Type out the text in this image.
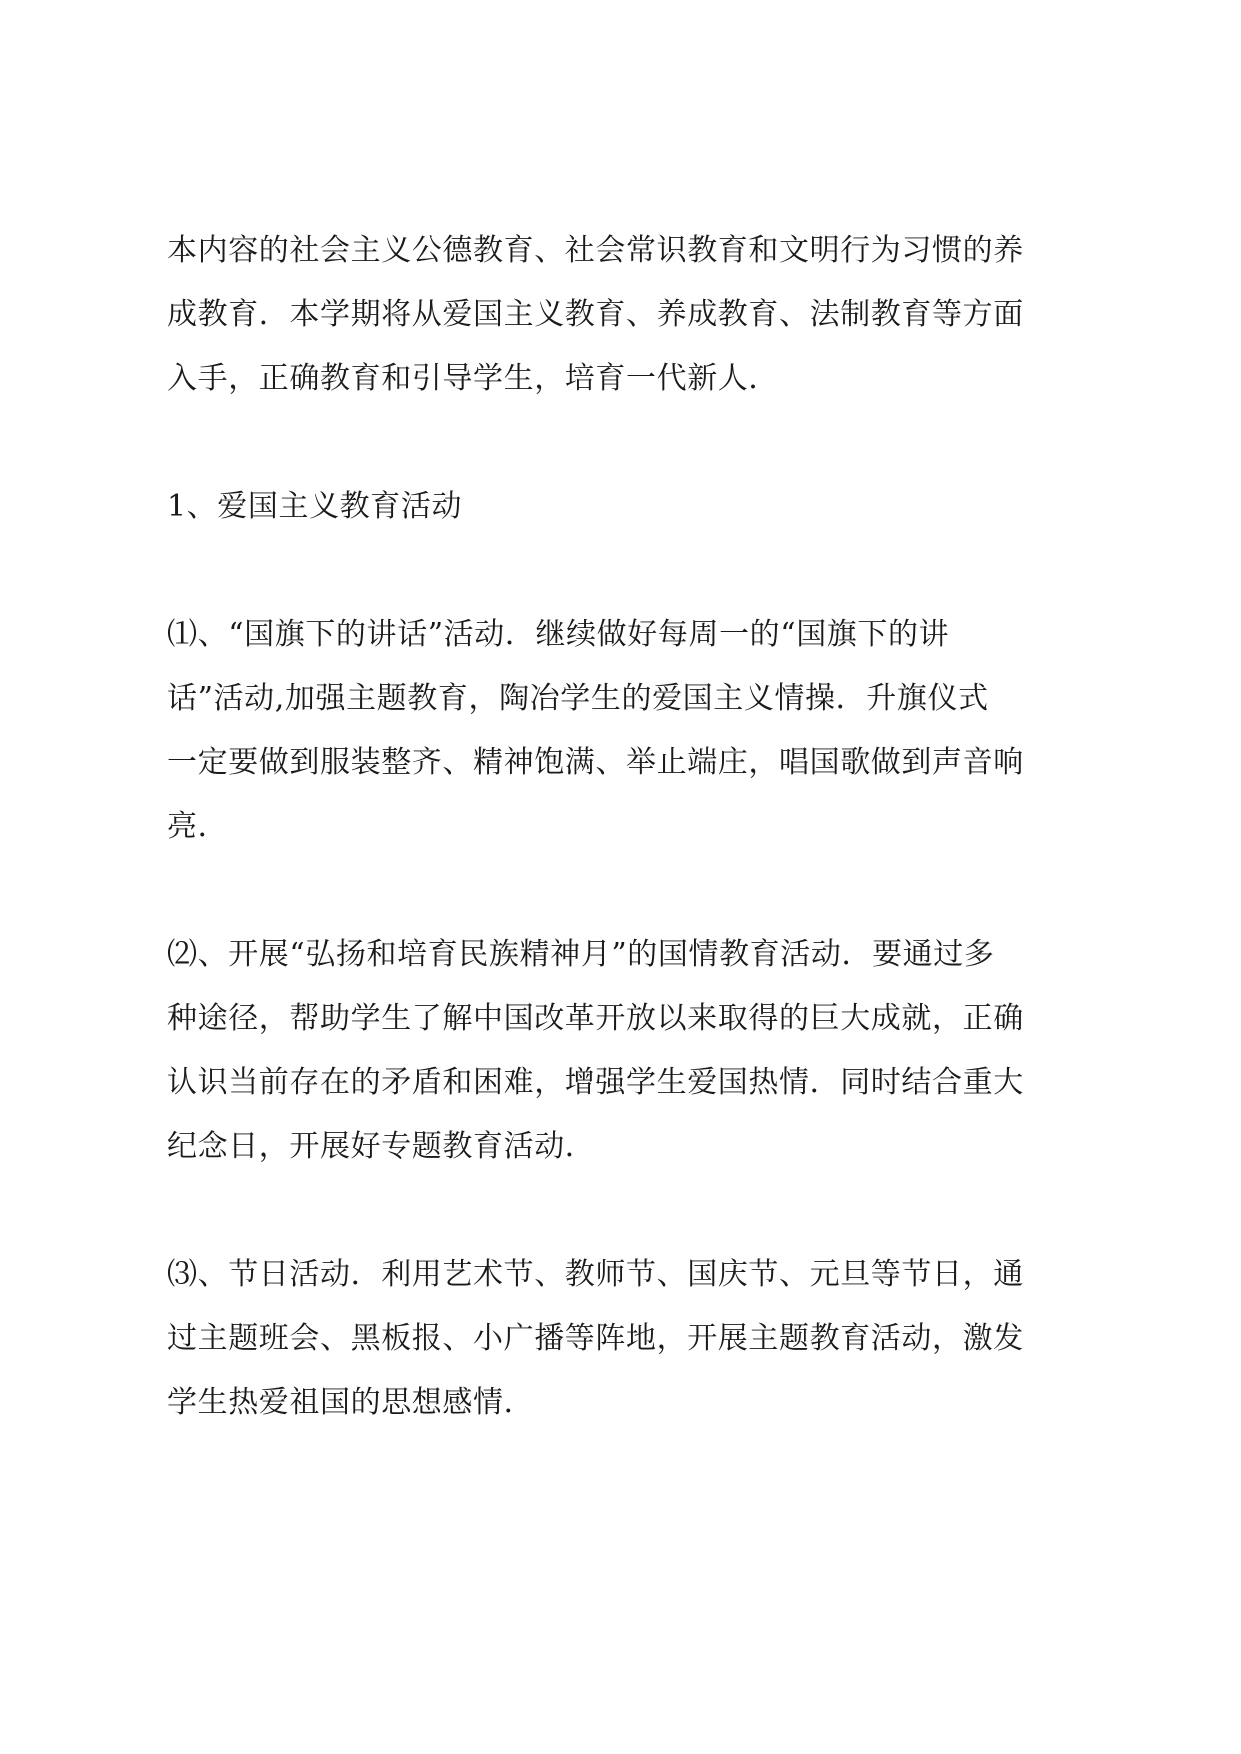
本内容的社会主义公德教育、社会常识教育和文明行为习惯的养

成教育．本学期将从爱国主义教育、养成教育、法制教育等方面

入手，正确教育和引导学生，培育一代新人．

1、爱国主义教育活动

⑴、“国旗下的讲话”活动．继续做好每周一的“国旗下的讲

话”活动,加强主题教育，陶冶学生的爱国主义情操．升旗仪式

一定要做到服装整齐、精神饱满、举止端庄，唱国歌做到声音响

亮．

⑵、开展“弘扬和培育民族精神月”的国情教育活动．要通过多

种途径，帮助学生了解中国改革开放以来取得的巨大成就，正确

认识当前存在的矛盾和困难，增强学生爱国热情．同时结合重大

纪念日，开展好专题教育活动．

⑶、节日活动．利用艺术节、教师节、国庆节、元旦等节日，通

过主题班会、黑板报、小广播等阵地，开展主题教育活动，激发

学生热爱祖国的思想感情．
